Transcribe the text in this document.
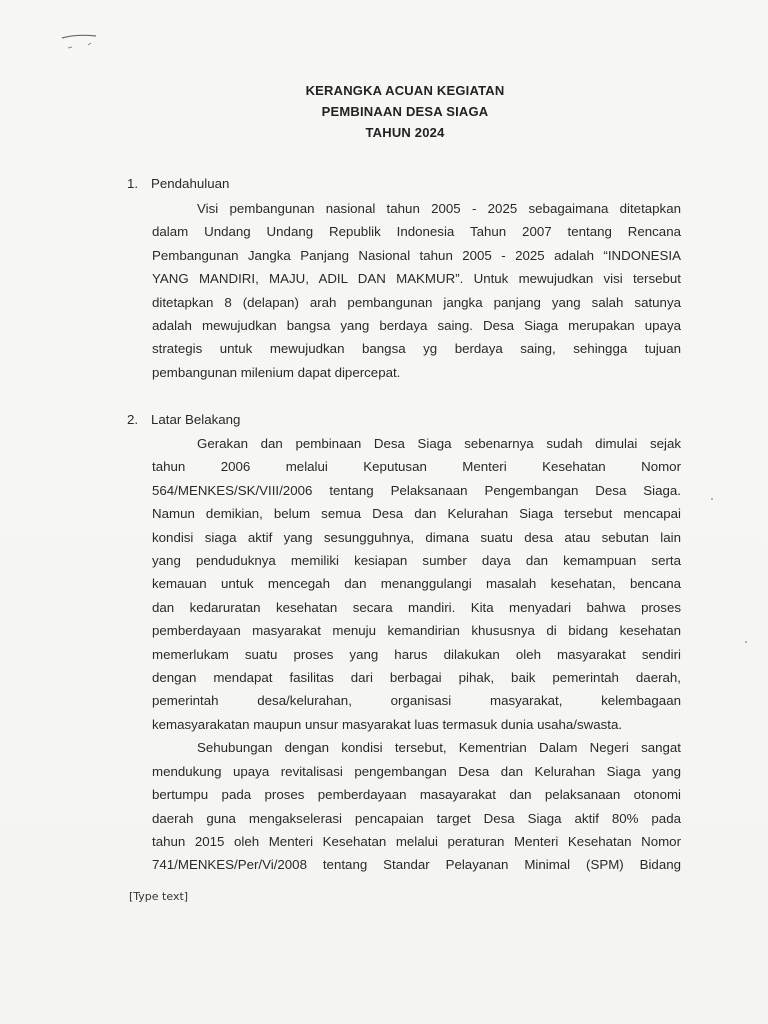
KERANGKA ACUAN KEGIATAN
PEMBINAAN DESA SIAGA
TAHUN 2024
1. Pendahuluan
Visi pembangunan nasional tahun 2005 - 2025 sebagaimana ditetapkan
dalam Undang Undang Republik Indonesia Tahun 2007 tentang Rencana
Pembangunan Jangka Panjang Nasional tahun 2005 - 2025 adalah “INDONESIA
YANG MANDIRI, MAJU, ADIL DAN MAKMUR”. Untuk mewujudkan visi tersebut
ditetapkan 8 (delapan) arah pembangunan jangka panjang yang salah satunya
adalah mewujudkan bangsa yang berdaya saing. Desa Siaga merupakan upaya
strategis untuk mewujudkan bangsa yg berdaya saing, sehingga tujuan
pembangunan milenium dapat dipercepat.
2. Latar Belakang
Gerakan dan pembinaan Desa Siaga sebenarnya sudah dimulai sejak
tahun 2006 melalui Keputusan Menteri Kesehatan Nomor
564/MENKES/SK/VIII/2006 tentang Pelaksanaan Pengembangan Desa Siaga.
Namun demikian, belum semua Desa dan Kelurahan Siaga tersebut mencapai
kondisi siaga aktif yang sesungguhnya, dimana suatu desa atau sebutan lain
yang penduduknya memiliki kesiapan sumber daya dan kemampuan serta
kemauan untuk mencegah dan menanggulangi masalah kesehatan, bencana
dan kedaruratan kesehatan secara mandiri. Kita menyadari bahwa proses
pemberdayaan masyarakat menuju kemandirian khususnya di bidang kesehatan
memerlukam suatu proses yang harus dilakukan oleh masyarakat sendiri
dengan mendapat fasilitas dari berbagai pihak, baik pemerintah daerah,
pemerintah desa/kelurahan, organisasi masyarakat, kelembagaan
kemasyarakatan maupun unsur masyarakat luas termasuk dunia usaha/swasta.
Sehubungan dengan kondisi tersebut, Kementrian Dalam Negeri sangat
mendukung upaya revitalisasi pengembangan Desa dan Kelurahan Siaga yang
bertumpu pada proses pemberdayaan masayarakat dan pelaksanaan otonomi
daerah guna mengakselerasi pencapaian target Desa Siaga aktif 80% pada
tahun 2015 oleh Menteri Kesehatan melalui peraturan Menteri Kesehatan Nomor
741/MENKES/Per/Vi/2008 tentang Standar Pelayanan Minimal (SPM) Bidang
[Type text]
